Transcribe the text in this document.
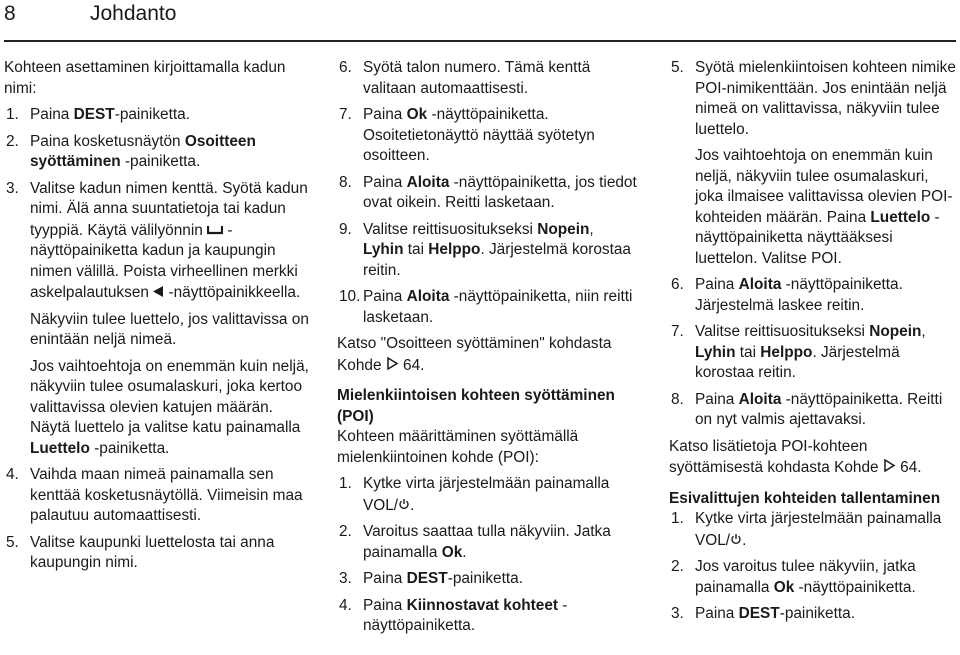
8	Johdanto

Kohteen asettaminen kirjoittamalla kadun nimi:

1. Paina DEST-painiketta.
2. Paina kosketusnäytön Osoitteen syöttäminen -painiketta.
3. Valitse kadun nimen kenttä. Syötä kadun nimi. Älä anna suuntatietoja tai kadun tyyppiä. Käytä välilyönnin  -näyttöpainiketta kadun ja kaupungin nimen välillä. Poista virheellinen merkki askelpalautuksen  -näyttöpainikkeella.

Näkyviin tulee luettelo, jos valittavissa on enintään neljä nimeä.

Jos vaihtoehtoja on enemmän kuin neljä, näkyviin tulee osumalaskuri, joka kertoo valittavissa olevien katujen määrän. Näytä luettelo ja valitse katu painamalla Luettelo -painiketta.

4. Vaihda maan nimeä painamalla sen kenttää kosketusnäytöllä. Viimeisin maa palautuu automaattisesti.
5. Valitse kaupunki luettelosta tai anna kaupungin nimi.
6. Syötä talon numero. Tämä kenttä valitaan automaattisesti.
7. Paina Ok -näyttöpainiketta. Osoitetietonäyttö näyttää syötetyn osoitteen.
8. Paina Aloita -näyttöpainiketta, jos tiedot ovat oikein. Reitti lasketaan.
9. Valitse reittisuositukseksi Nopein, Lyhin tai Helppo. Järjestelmä korostaa reitin.
10. Paina Aloita -näyttöpainiketta, niin reitti lasketaan.

Katso "Osoitteen syöttäminen" kohdasta Kohde  64.

Mielenkiintoisen kohteen syöttäminen (POI)

Kohteen määrittäminen syöttämällä mielenkiintoinen kohde (POI):

1. Kytke virta järjestelmään painamalla VOL/ .
2. Varoitus saattaa tulla näkyviin. Jatka painamalla Ok.
3. Paina DEST-painiketta.
4. Paina Kiinnostavat kohteet -näyttöpainiketta.
5. Syötä mielenkiintoisen kohteen nimike POI-nimikenttään. Jos enintään neljä nimeä on valittavissa, näkyviin tulee luettelo.

Jos vaihtoehtoja on enemmän kuin neljä, näkyviin tulee osumalaskuri, joka ilmaisee valittavissa olevien POI-kohteiden määrän. Paina Luettelo -näyttöpainiketta näyttääksesi luettelon. Valitse POI.

6. Paina Aloita -näyttöpainiketta. Järjestelmä laskee reitin.
7. Valitse reittisuositukseksi Nopein, Lyhin tai Helppo. Järjestelmä korostaa reitin.
8. Paina Aloita -näyttöpainiketta. Reitti on nyt valmis ajettavaksi.

Katso lisätietoja POI-kohteen syöttämisestä kohdasta Kohde  64.

Esivalittujen kohteiden tallentaminen

1. Kytke virta järjestelmään painamalla VOL/ .
2. Jos varoitus tulee näkyviin, jatka painamalla Ok -näyttöpainiketta.
3. Paina DEST-painiketta.
